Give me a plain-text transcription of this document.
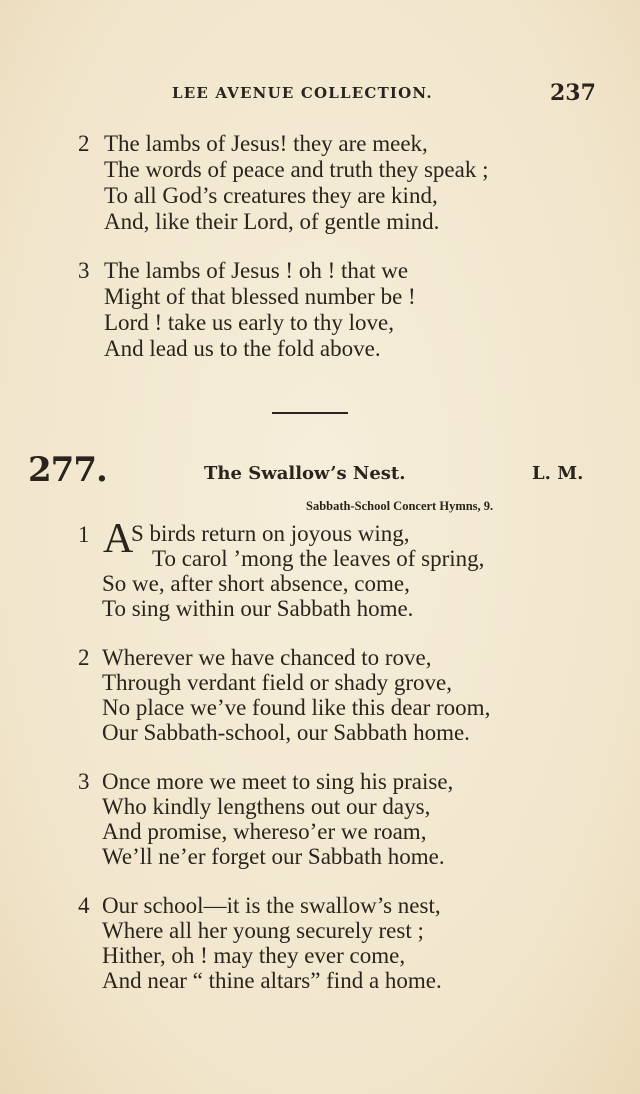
LEE AVENUE COLLECTION.	237
2 The lambs of Jesus! they are meek,
The words of peace and truth they speak ;
To all God’s creatures they are kind,
And, like their Lord, of gentle mind.
3 The lambs of Jesus ! oh ! that we
Might of that blessed number be !
Lord ! take us early to thy love,
And lead us to the fold above.
277.	The Swallow’s Nest.	L. M.
Sabbath-School Concert Hymns, 9.
1 A
S birds return on joyous wing,
To carol ’mong the leaves of spring,
So we, after short absence, come,
To sing within our Sabbath home.
2 Wherever we have chanced to rove,
Through verdant field or shady grove,
No place we’ve found like this dear room,
Our Sabbath-school, our Sabbath home.
3 Once more we meet to sing his praise,
Who kindly lengthens out our days,
And promise, whereso’er we roam,
We’ll ne’er forget our Sabbath home.
4 Our school—it is the swallow’s nest,
Where all her young securely rest ;
Hither, oh ! may they ever come,
And near “ thine altars” find a home.
